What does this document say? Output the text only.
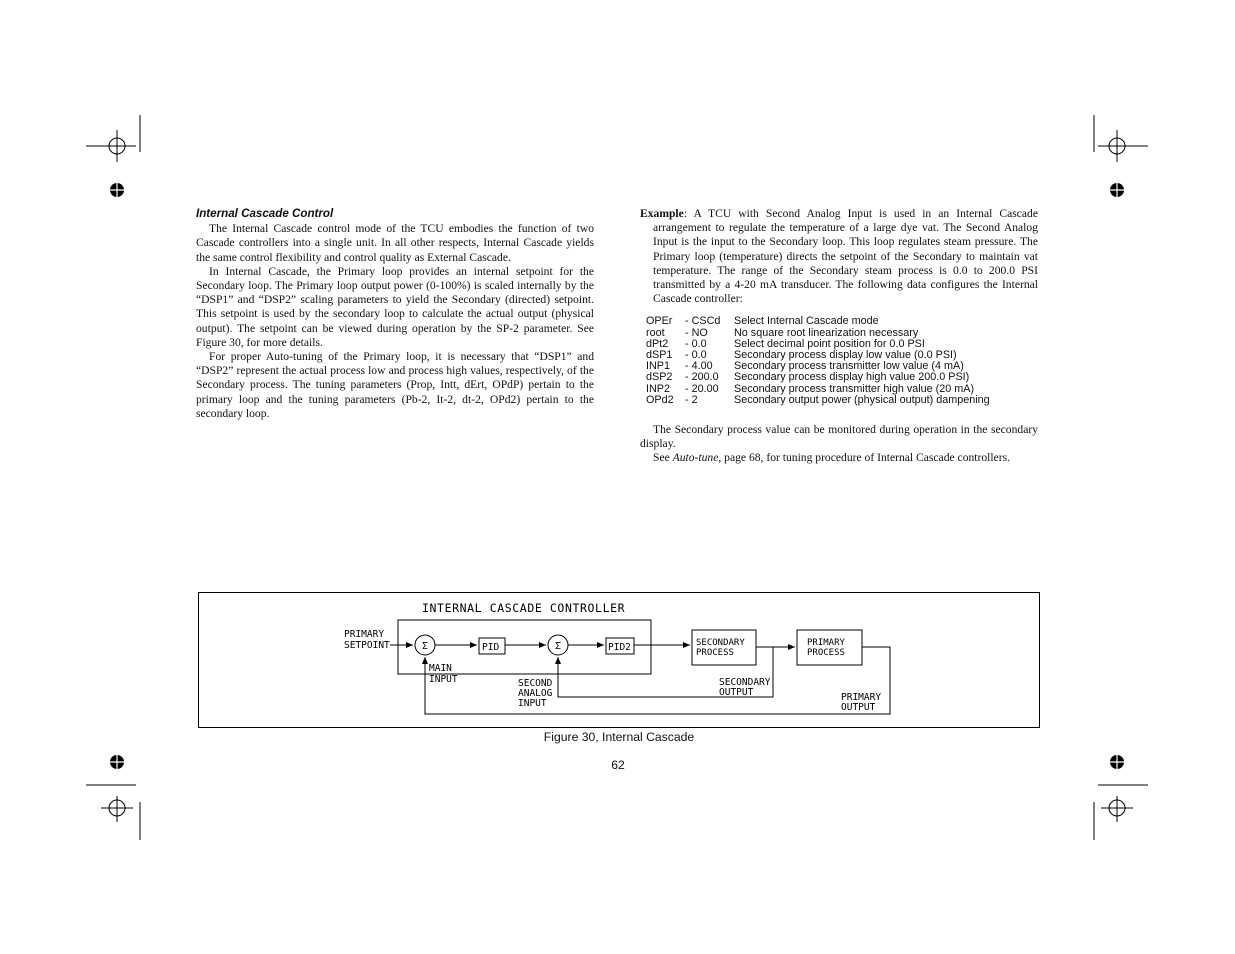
Internal Cascade Control

The Internal Cascade control mode of the TCU embodies the function of two Cascade controllers into a single unit. In all other respects, Internal Cascade yields the same control flexibility and control quality as External Cascade.

In Internal Cascade, the Primary loop provides an internal setpoint for the Secondary loop. The Primary loop output power (0-100%) is scaled internally by the “DSP1” and “DSP2” scaling parameters to yield the Secondary (directed) setpoint. This setpoint is used by the secondary loop to calculate the actual output (physical output). The setpoint can be viewed during operation by the SP-2 parameter. See Figure 30, for more details.

For proper Auto-tuning of the Primary loop, it is necessary that “DSP1” and “DSP2” represent the actual process low and process high values, respectively, of the Secondary process. The tuning parameters (Prop, Intt, dErt, OPdP) pertain to the primary loop and the tuning parameters (Pb-2, It-2, dt-2, OPd2) pertain to the secondary loop.

Example: A TCU with Second Analog Input is used in an Internal Cascade arrangement to regulate the temperature of a large dye vat. The Second Analog Input is the input to the Secondary loop. This loop regulates steam pressure. The Primary loop (temperature) directs the setpoint of the Secondary to maintain vat temperature. The range of the Secondary steam process is 0.0 to 200.0 PSI transmitted by a 4-20 mA transducer. The following data configures the Internal Cascade controller:

OPEr	- CSCd	Select Internal Cascade mode
root	- NO	No square root linearization necessary
dPt2	- 0.0	Select decimal point position for 0.0 PSI
dSP1	- 0.0	Secondary process display low value (0.0 PSI)
INP1	- 4.00	Secondary process transmitter low value (4 mA)
dSP2	- 200.0	Secondary process display high value 200.0 PSI)
INP2	- 20.00	Secondary process transmitter high value (20 mA)
OPd2	- 2	Secondary output power (physical output) dampening

The Secondary process value can be monitored during operation in the secondary display.

See Auto-tune, page 68, for tuning procedure of Internal Cascade controllers.

INTERNAL CASCADE CONTROLLER
PRIMARY
SETPOINT
MAIN
INPUT	SECOND
ANALOG
INPUT
SECONDARY
OUTPUT	PRIMARY
OUTPUT
Σ	Σ
PID	PID2	SECONDARY
PROCESS
PRIMARY
PROCESS
Figure 30, Internal Cascade
62
